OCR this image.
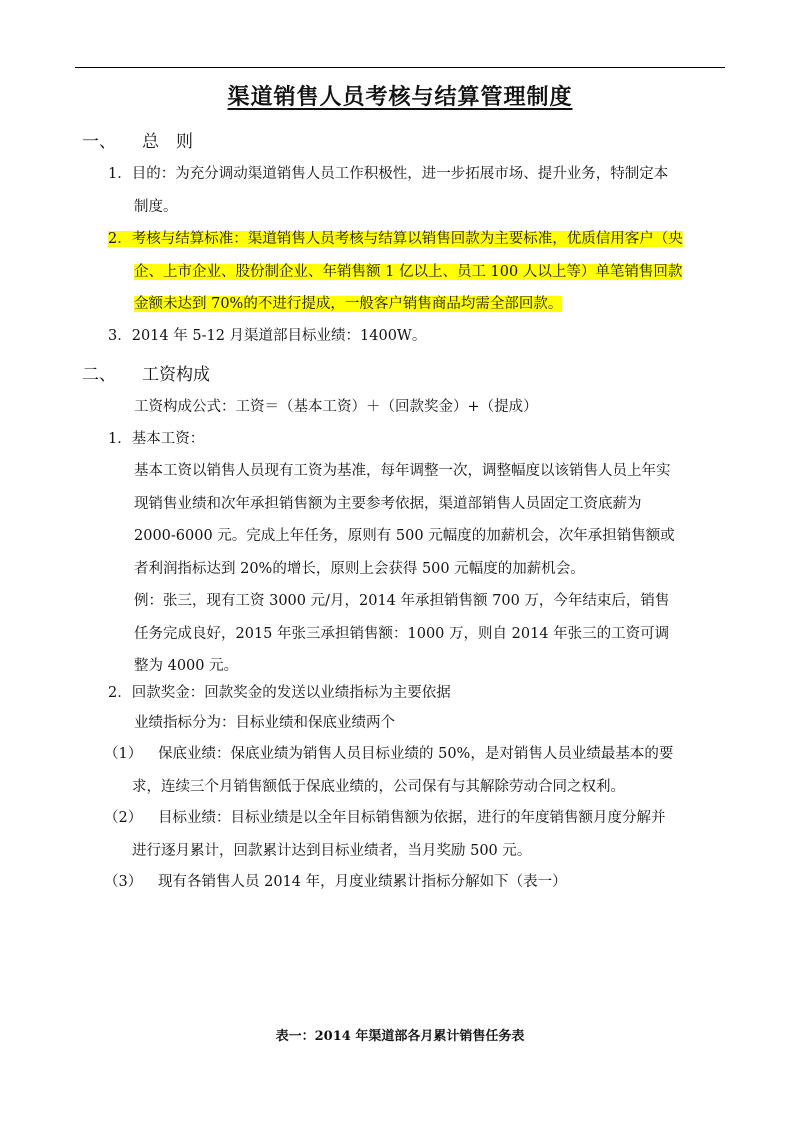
渠道销售人员考核与结算管理制度
一、 总　则
1．目的：为充分调动渠道销售人员工作积极性，进一步拓展市场、提升业务，特制定本
制度。
2．考核与结算标准：渠道销售人员考核与结算以销售回款为主要标准，优质信用客户（央
企、上市企业、股份制企业、年销售额 1 亿以上、员工 100 人以上等）单笔销售回款
金额未达到 70%的不进行提成，一般客户销售商品均需全部回款。
3．2014 年 5-12 月渠道部目标业绩：1400W。
二、 工资构成
工资构成公式：工资＝（基本工资）＋（回款奖金）+（提成）
1．基本工资：
基本工资以销售人员现有工资为基准，每年调整一次，调整幅度以该销售人员上年实
现销售业绩和次年承担销售额为主要参考依据，渠道部销售人员固定工资底薪为
2000-6000 元。完成上年任务，原则有 500 元幅度的加薪机会，次年承担销售额或
者利润指标达到 20%的增长，原则上会获得 500 元幅度的加薪机会。
例：张三，现有工资 3000 元/月，2014 年承担销售额 700 万，今年结束后，销售
任务完成良好，2015 年张三承担销售额：1000 万，则自 2014 年张三的工资可调
整为 4000 元。
2．回款奖金：回款奖金的发送以业绩指标为主要依据
业绩指标分为：目标业绩和保底业绩两个
（1） 保底业绩：保底业绩为销售人员目标业绩的 50%，是对销售人员业绩最基本的要
求，连续三个月销售额低于保底业绩的，公司保有与其解除劳动合同之权利。
（2） 目标业绩：目标业绩是以全年目标销售额为依据，进行的年度销售额月度分解并
进行逐月累计，回款累计达到目标业绩者，当月奖励 500 元。
（3） 现有各销售人员 2014 年，月度业绩累计指标分解如下（表一）
表一：2014 年渠道部各月累计销售任务表
